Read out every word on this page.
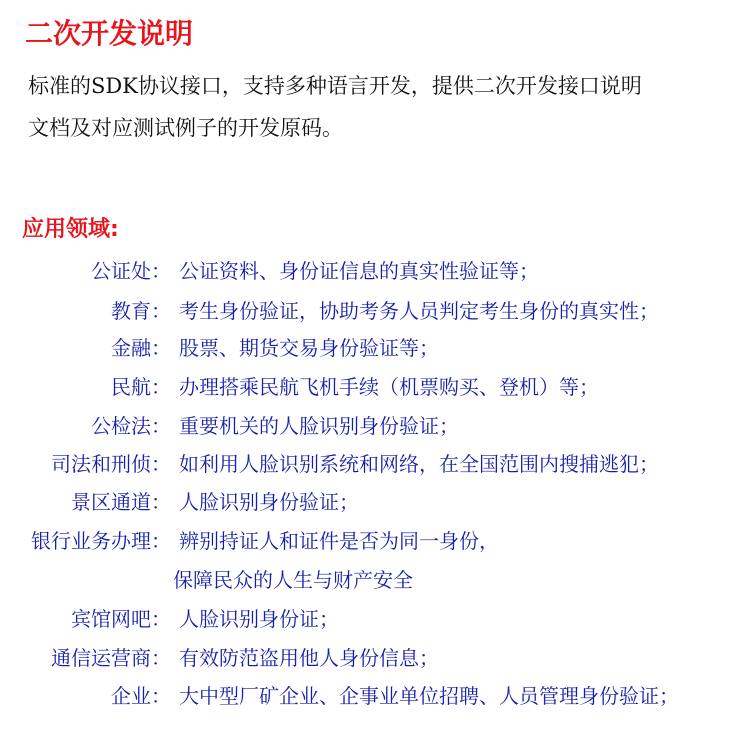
二次开发说明
标准的SDK协议接口，支持多种语言开发，提供二次开发接口说明
文档及对应测试例子的开发原码。
应用领域:
公证处： 公证资料、身份证信息的真实性验证等；
教育： 考生身份验证，协助考务人员判定考生身份的真实性；
金融： 股票、期货交易身份验证等；
民航： 办理搭乘民航飞机手续（机票购买、登机）等；
公检法： 重要机关的人脸识别身份验证；
司法和刑侦： 如利用人脸识别系统和网络，在全国范围内搜捕逃犯；
景区通道： 人脸识别身份验证；
银行业务办理： 辨别持证人和证件是否为同一身份，
保障民众的人生与财产安全
宾馆网吧： 人脸识别身份证；
通信运营商： 有效防范盗用他人身份信息；
企业： 大中型厂矿企业、企事业单位招聘、人员管理身份验证；
